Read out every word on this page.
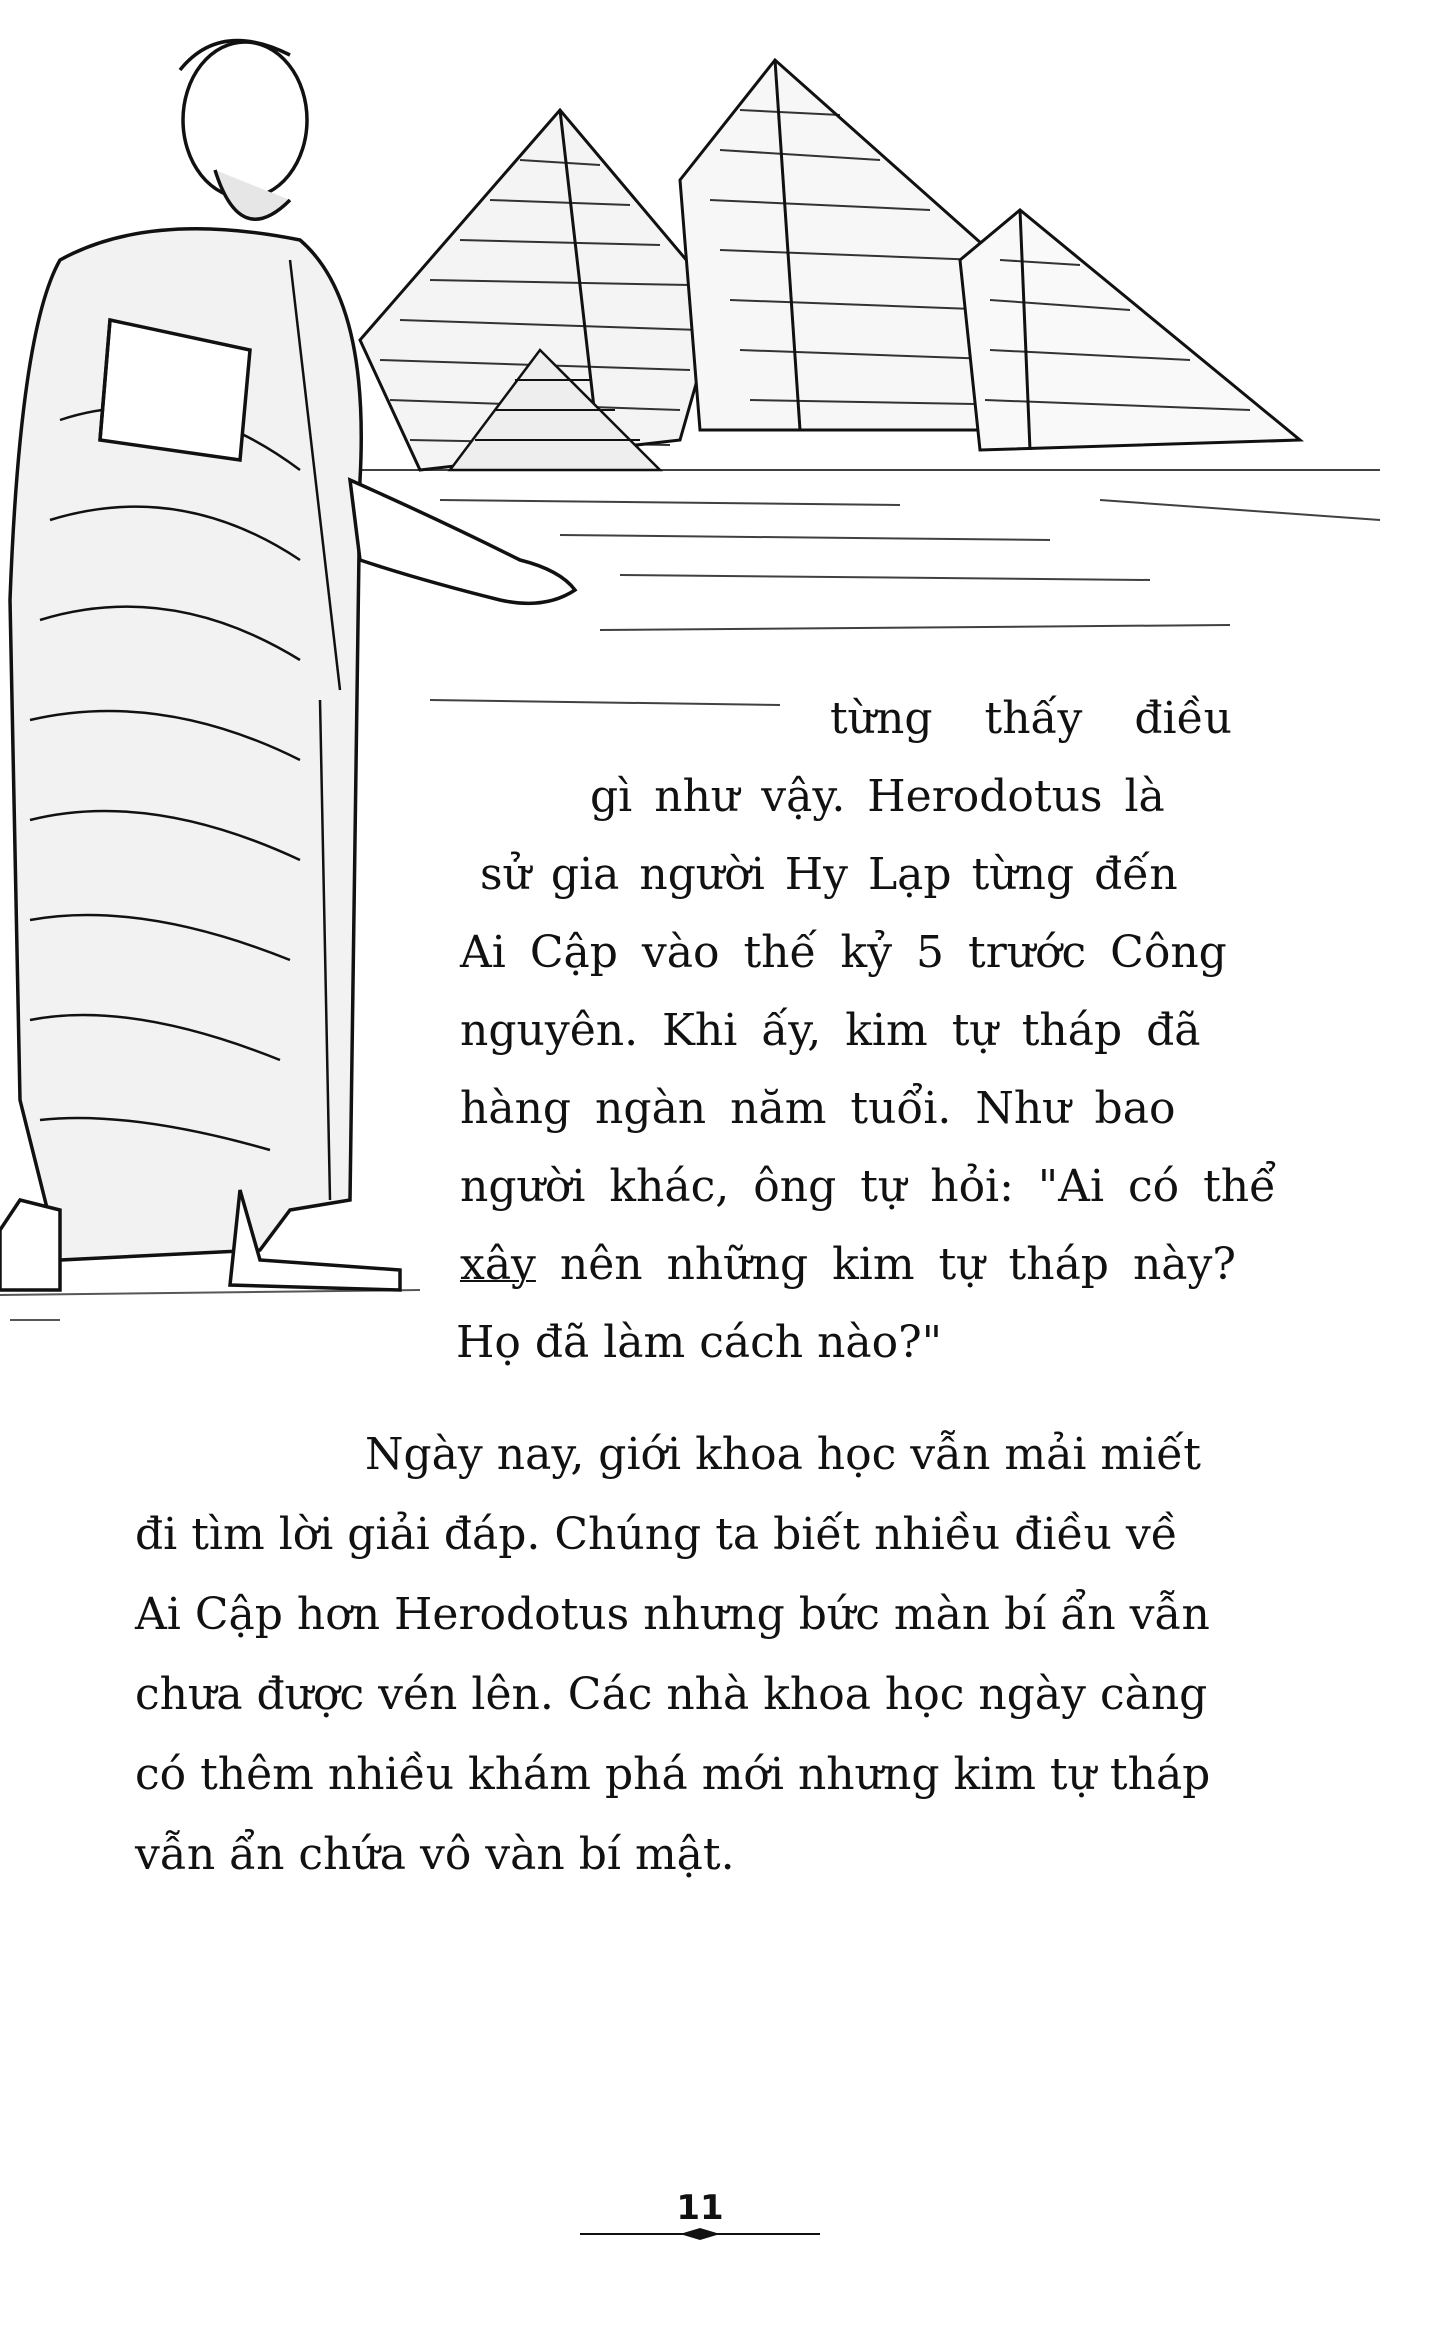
từng thấy điều
gì như vậy. Herodotus là
sử gia người Hy Lạp từng đến
Ai Cập vào thế kỷ 5 trước Công
nguyên. Khi ấy, kim tự tháp đã
hàng ngàn năm tuổi. Như bao
người khác, ông tự hỏi: "Ai có thể
xây nên những kim tự tháp này?
Họ đã làm cách nào?"
Ngày nay, giới khoa học vẫn mải miết
đi tìm lời giải đáp. Chúng ta biết nhiều điều về
Ai Cập hơn Herodotus nhưng bức màn bí ẩn vẫn
chưa được vén lên. Các nhà khoa học ngày càng
có thêm nhiều khám phá mới nhưng kim tự tháp
vẫn ẩn chứa vô vàn bí mật.
11
